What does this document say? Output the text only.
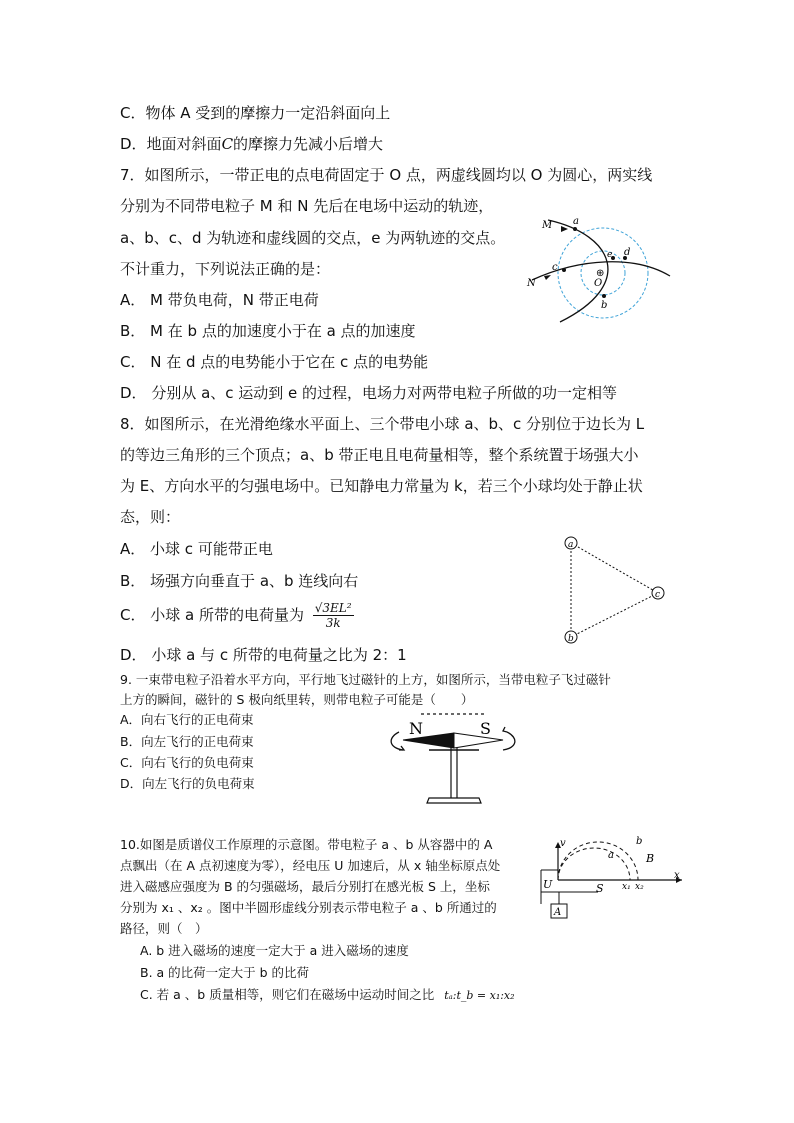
C．物体 A 受到的摩擦力一定沿斜面向上
D．地面对斜面C的摩擦力先减小后增大
7．如图所示，一带正电的点电荷固定于 O 点，两虚线圆均以 O 为圆心，两实线
分别为不同带电粒子 M 和 N 先后在电场中运动的轨迹，
a、b、c、d 为轨迹和虚线圆的交点，e 为两轨迹的交点。
不计重力，下列说法正确的是：
A． M 带负电荷，N 带正电荷
B． M 在 b 点的加速度小于在 a 点的加速度
C． N 在 d 点的电势能小于它在 c 点的电势能
D． 分别从 a、c 运动到 e 的过程，电场力对两带电粒子所做的功一定相等
M a
c
N
e d
⊕
O
b
8．如图所示，在光滑绝缘水平面上、三个带电小球 a、b、c 分别位于边长为 L
的等边三角形的三个顶点；a、b 带正电且电荷量相等，整个系统置于场强大小
为 E、方向水平的匀强电场中。已知静电力常量为 k，若三个小球均处于静止状
态，则：
A． 小球 c 可能带正电
B． 场强方向垂直于 a、b 连线向右
C． 小球 a 所带的电荷量为 $\frac{\text{√3EL²}}{3k}$
D． 小球 a 与 c 所带的电荷量之比为 2：1
a
c
b
9. 一束带电粒子沿着水平方向，平行地飞过磁针的上方，如图所示，当带电粒子飞过磁针
上方的瞬间，磁针的 S 极向纸里转，则带电粒子可能是（　　）
A．向右飞行的正电荷束
B．向左飞行的正电荷束
C．向右飞行的负电荷束
D．向左飞行的负电荷束
N	S
10.如图是质谱仪工作原理的示意图。带电粒子 a 、b 从容器中的 A
点飘出（在 A 点初速度为零），经电压 U 加速后，从 x 轴坐标原点处
进入磁感应强度为 B 的匀强磁场，最后分别打在感光板 S 上，坐标
分别为 x₁ 、x₂ 。图中半圆形虚线分别表示带电粒子 a 、b 所通过的
路径，则（　）
A. b 进入磁场的速度一定大于 a 进入磁场的速度
B. a 的比荷一定大于 b 的比荷
C. 若 a 、b 质量相等，则它们在磁场中运动时间之比 tₐ:t_b = x₁:x₂
v	b
a	B
U	S x₁ x₂
x
A
